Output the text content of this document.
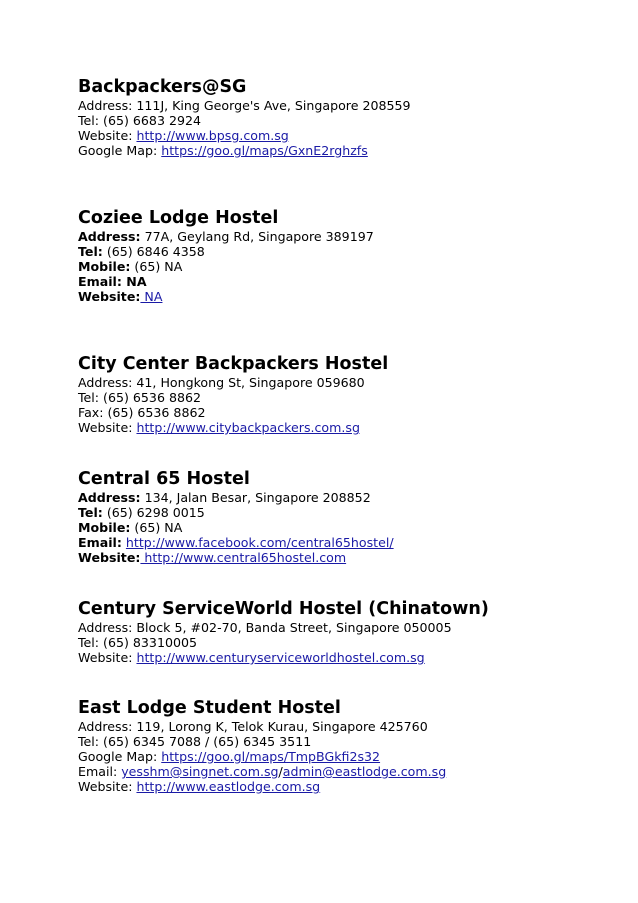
Backpackers@SG
Address: 111J, King George's Ave, Singapore 208559
Tel: (65) 6683 2924
Website: http://www.bpsg.com.sg
Google Map: https://goo.gl/maps/GxnE2rghzfs
Coziee Lodge Hostel
Address: 77A, Geylang Rd, Singapore 389197
Tel: (65) 6846 4358
Mobile: (65) NA
Email: NA
Website: NA
City Center Backpackers Hostel
Address: 41, Hongkong St, Singapore 059680
Tel: (65) 6536 8862
Fax: (65) 6536 8862
Website: http://www.citybackpackers.com.sg
Central 65 Hostel
Address: 134, Jalan Besar, Singapore 208852
Tel: (65) 6298 0015
Mobile: (65) NA
Email: http://www.facebook.com/central65hostel/
Website: http://www.central65hostel.com
Century ServiceWorld Hostel (Chinatown)
Address: Block 5, #02-70, Banda Street, Singapore 050005
Tel: (65) 83310005
Website: http://www.centuryserviceworldhostel.com.sg
East Lodge Student Hostel
Address: 119, Lorong K, Telok Kurau, Singapore 425760
Tel: (65) 6345 7088 / (65) 6345 3511
Google Map: https://goo.gl/maps/TmpBGkfi2s32
Email: yesshm@singnet.com.sg/admin@eastlodge.com.sg
Website: http://www.eastlodge.com.sg
